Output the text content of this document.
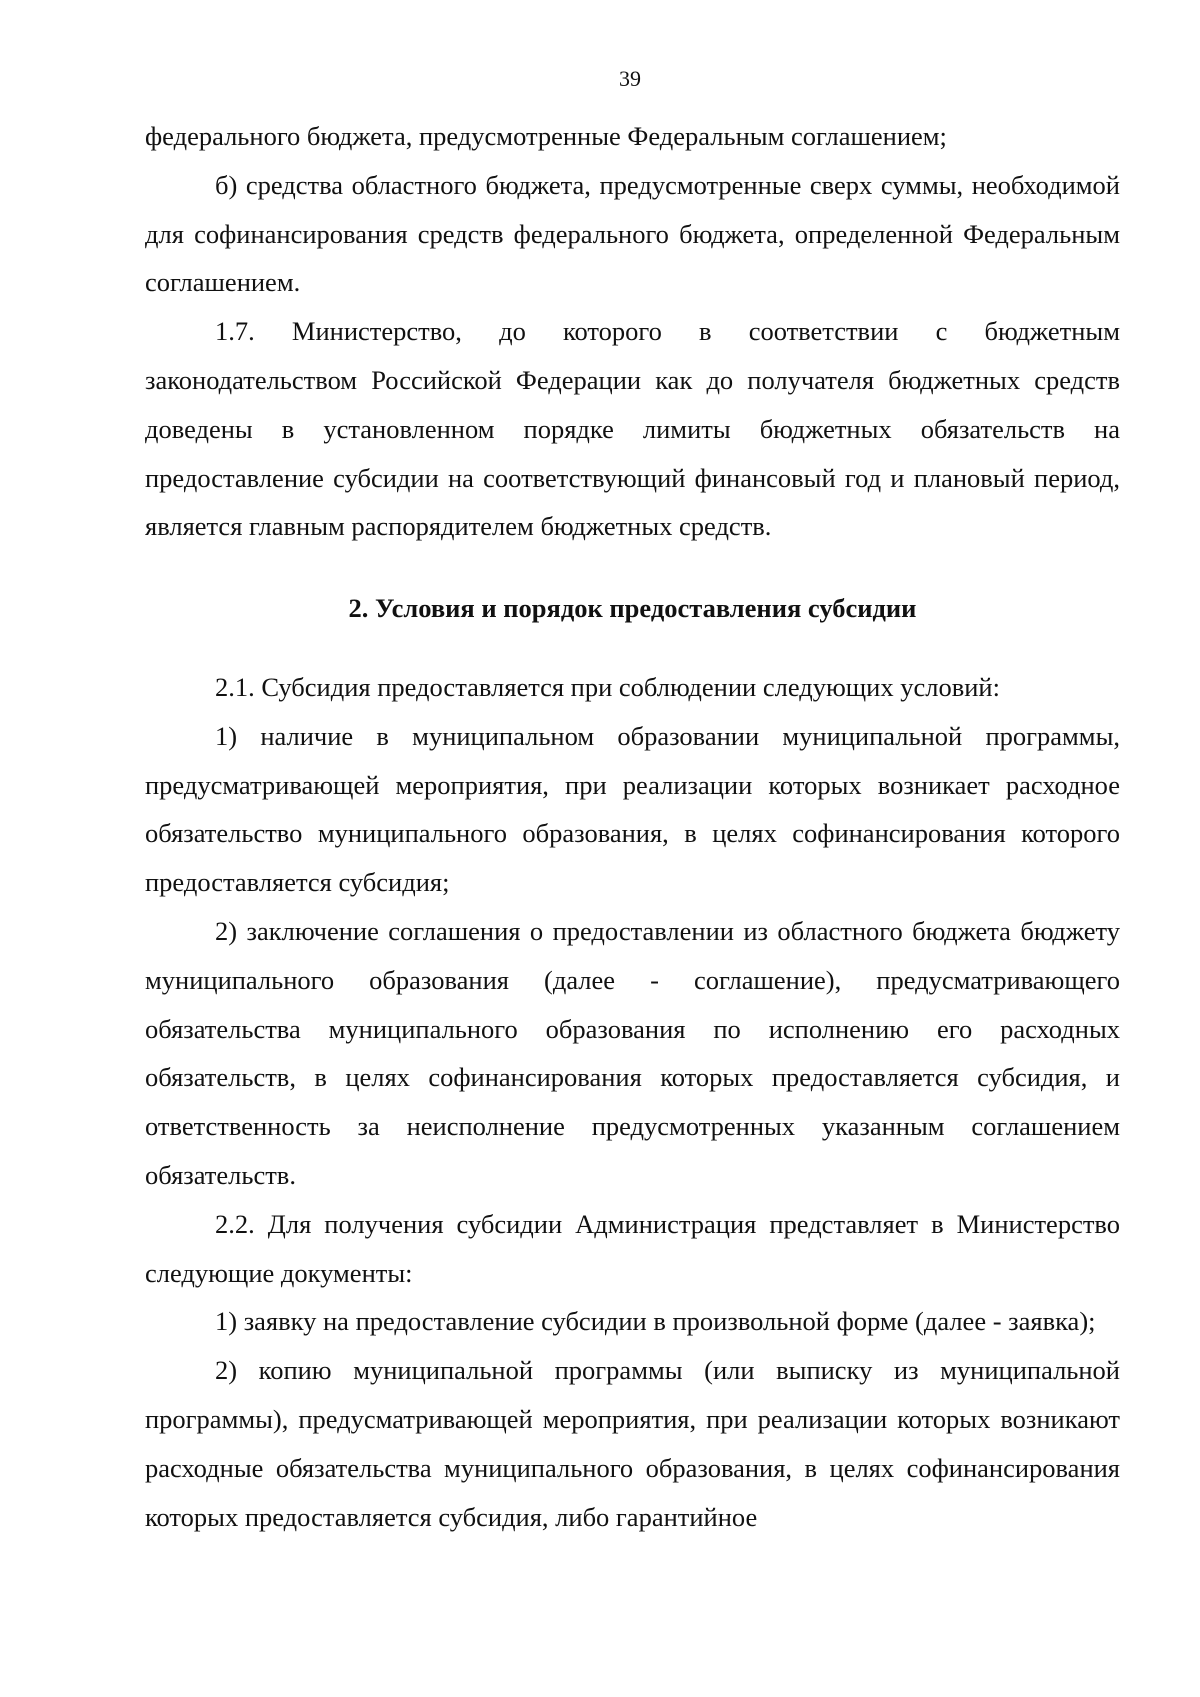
39

федерального бюджета, предусмотренные Федеральным соглашением;

б) средства областного бюджета, предусмотренные сверх суммы, необходимой для софинансирования средств федерального бюджета, определенной Федеральным соглашением.

1.7. Министерство, до которого в соответствии с бюджетным законодательством Российской Федерации как до получателя бюджетных средств доведены в установленном порядке лимиты бюджетных обязательств на предоставление субсидии на соответствующий финансовый год и плановый период, является главным распорядителем бюджетных средств.

2. Условия и порядок предоставления субсидии

2.1. Субсидия предоставляется при соблюдении следующих условий:

1) наличие в муниципальном образовании муниципальной программы, предусматривающей мероприятия, при реализации которых возникает расходное обязательство муниципального образования, в целях софинансирования которого предоставляется субсидия;

2) заключение соглашения о предоставлении из областного бюджета бюджету муниципального образования (далее - соглашение), предусматривающего обязательства муниципального образования по исполнению его расходных обязательств, в целях софинансирования которых предоставляется субсидия, и ответственность за неисполнение предусмотренных указанным соглашением обязательств.

2.2. Для получения субсидии Администрация представляет в Министерство следующие документы:

1) заявку на предоставление субсидии в произвольной форме (далее - заявка);

2) копию муниципальной программы (или выписку из муниципальной программы), предусматривающей мероприятия, при реализации которых возникают расходные обязательства муниципального образования, в целях софинансирования которых предоставляется субсидия, либо гарантийное
